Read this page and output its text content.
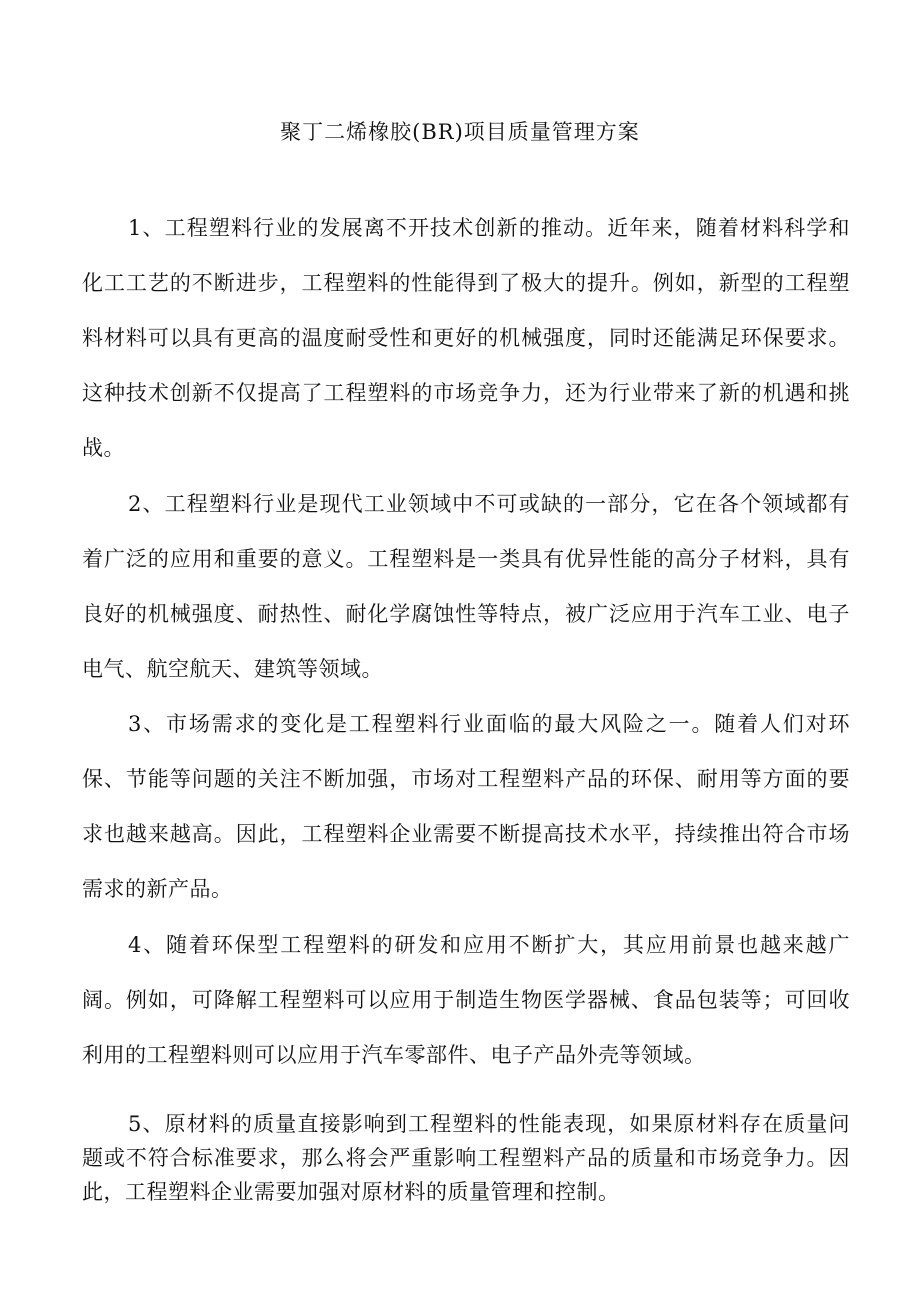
聚丁二烯橡胶(BR)项目质量管理方案

1、工程塑料行业的发展离不开技术创新的推动。近年来，随着材料科学和化工工艺的不断进步，工程塑料的性能得到了极大的提升。例如，新型的工程塑料材料可以具有更高的温度耐受性和更好的机械强度，同时还能满足环保要求。这种技术创新不仅提高了工程塑料的市场竞争力，还为行业带来了新的机遇和挑战。

2、工程塑料行业是现代工业领域中不可或缺的一部分，它在各个领域都有着广泛的应用和重要的意义。工程塑料是一类具有优异性能的高分子材料，具有良好的机械强度、耐热性、耐化学腐蚀性等特点，被广泛应用于汽车工业、电子电气、航空航天、建筑等领域。

3、市场需求的变化是工程塑料行业面临的最大风险之一。随着人们对环保、节能等问题的关注不断加强，市场对工程塑料产品的环保、耐用等方面的要求也越来越高。因此，工程塑料企业需要不断提高技术水平，持续推出符合市场需求的新产品。

4、随着环保型工程塑料的研发和应用不断扩大，其应用前景也越来越广阔。例如，可降解工程塑料可以应用于制造生物医学器械、食品包装等；可回收利用的工程塑料则可以应用于汽车零部件、电子产品外壳等领域。

5、原材料的质量直接影响到工程塑料的性能表现，如果原材料存在质量问题或不符合标准要求，那么将会严重影响工程塑料产品的质量和市场竞争力。因此，工程塑料企业需要加强对原材料的质量管理和控制。
